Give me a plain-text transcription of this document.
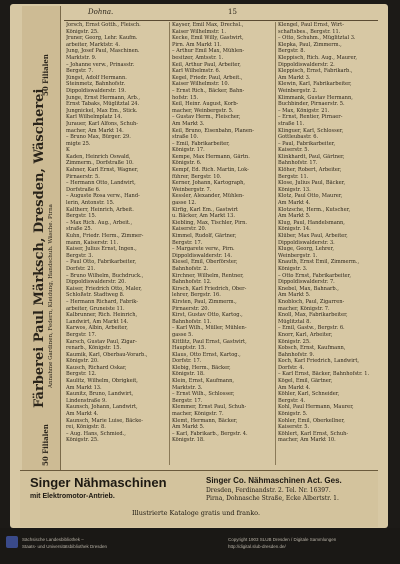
50 Filialen
Färberei Paul Märksch, Dresden, Wäscherei Annahme Gardinen, Federn, Kleidung, Handschuh. Wäsche. Pirna
50 Filialen
Dohna.	15

Jorsch, Ernst Gotth., Fleisch.

Königstr. 25.

Jruner, Georg, Lehr. Kaufm.

arbeiter, Marktstr. 4.

Jung, Josef Paul, Maschinen.

Marktstr. 9.

– Johanne verw., Prinasstr.

Bergstr. 7.

Jüngst, Adolf Hermann.

Steinmetz, Bahnhofstr.

Dippoldiswalderstr. 19.

Junge, Ernst Hermann, Arb.,

Ernst Tabaks, Müglitztal 24.

Jungnickel, Max Em., Stick.

Karl Wilhelmplatz 14.

Jurauer, Karl Alfons, Schuh-

macher, Am Markt 14.

– Bruno Max, Bürger. 29.

migte 25.

K

Kaden, Heinrich Oswald,

Zimmerm., Dorfstraße 10.

Kahner, Karl Ernst, Wagner,

Pirnaerstr. 5.

– Hermann Otto, Landwirt,

Dorfstraße 6.

– Auguste Rosa verw., Hand-

lerin, Antonstr. 15.

Kaltherr, Heinrich, Arbeit.

Bergstr. 15.

– Max Rich. Aug., Arbeit.,

straße 25.

Kuhn, Friedr. Herm., Zimmer-

mann, Kaiserstr. 11.

Kaiser, Julius Ernst, Ingen.,

Bergstr. 3.

– Paul Otto, Fabrikarbeiter,

Dorfstr. 21.

– Bruno Wilhelm, Buchdruck.,

Dippoldiswalderstr. 20.

Kaiser, Friedrich Otto, Maler,

Schloßstr. Stadtweg 8.

– Hermann Richard, Fabrik-

arbeiter, Gruneiste 11.

Kalbrunner, Rich. Heinrich,

Landwirt, Am Markt 14.

Karwos, Albin, Arbeiter,

Bergstr. 17.

Karsch, Gustav Paul, Zigar-

renarb., Königstr. 15.

Kaumik, Karl, Oberbau-Vorarb.,

Königstr. 20.

Kausch, Richard Oskar,

Bergstr. 12.

Kaulitz, Wilhelm, Obrigkeit,

Am Markt 13.

Kaunitz, Bruno, Landwirt,

Lindenstraße 9.

Kaunsch, Johann, Landwirt,

Am Markt 4.

Kaunsch, Marie Luise, Bäcke-

rei, Königstr. 8.

– Aug. Hans, Schmied.,

Königstr. 25.

Kayser, Emil Max, Drechsl.,

Kaiser Wilhelmstr. 1.

Kecke, Emil Willy, Gastwirt,

Pirn. Am Markt 11.

– Arthur Emil Max, Mühlen-

besitzer, Amtsstr. 1.

Keil, Arthur Paul, Arbeiter,

Karl Wilhelmstr. 6.

Kegel, Friedr. Paul, Arbeit.,

Kaiser Wilhelmstr. 10.

– Ernst Rich., Bäcker, Bahn-

hofstr. 15.

Keil, Heinr. August, Korb-

macher, Weinbergstr. 5.

– Gustav Herm., Fleischer,

Am Markt 3.

Keil, Bruno, Eisenbahn, Planen-

straße 10.

– Emil, Fabrikarbeiter,

Königstr. 17.

Kempe, Max Hermann, Gärtn.

Königstr. 6.

Kempf, Ed. Rich. Martin, Lok-

führer, Bergstr. 10.

Kerner, Johann, Kartograph,

Weinbergstr. 7.

Kessler, Alexander, Mühlen-

gasse 12.

Kirfig, Karl Em., Gastwirt

u. Bäcker, Am Markt 13.

Kiebling, Max, Tischler, Pirn.

Kaiserstr. 20.

Kimmel, Rudolf, Gärtner,

Bergstr. 17.

– Margarete verw., Pirn.

Dippoldiswalderstr. 14.

Kiesel, Emil, Oberförster,

Bahnhofstr. 2.

Kirchner, Wilhelm, Rentner,

Bahnhofstr. 12.

Kirsch, Karl Friedrich, Ober-

lehrer, Bergstr. 16.

Kirsten, Paul, Zimmerm.,

Pirnaerstr. 20.

Kirst, Gustav Otto, Kartog.,

Bahnhofstr. 11.

– Karl Wilh., Müller, Mühlen-

gasse 5.

Kittlitz, Paul Ernst, Gastwirt,

Hauptstr. 15.

Klaus, Otto Ernst, Kartog.,

Dorfstr. 17.

Klebig, Herm., Bäcker,

Königstr. 18.

Klein, Ernst, Kaufmann,

Marktstr. 3.

– Ernst Wilh., Schlosser,

Bergstr. 17.

Klemmer, Ernst Paul, Schuh-

macher, Königstr. 7.

Klemt, Hermann, Bäcker,

Am Markt 5.

– Karl, Fabrikarb., Bergstr. 4.

Königstr. 18.

Klengel, Paul Ernst, Wirt-

schaftsbes., Bergstr. 11.

– Otto, Schuhm., Müglitztal 3.

Klepka, Paul, Zimmerm.,

Bergstr. 8.

Kleppisch, Rich. Aug., Maurer,

Dippoldiswalderstr. 2.

Kleppisch, Ernst, Fabrikarb.,

Am Markt 3.

Klewin, Karl, Fabrikarbeiter,

Weinbergstr. 2.

Klimmank, Gustav Hermann,

Buchbinder, Pirnaerstr. 5.

– Max, Königstr. 21.

– Ernst, Rentier, Pirnaer-

straße 11.

Klinguer, Karl, Schlosser,

Gottleubastr. 6.

– Paul, Fabrikarbeiter,

Kaiserstr. 5.

Klinkhardt, Paul, Gärtner,

Bahnhofstr. 17.

Klöher, Robert, Arbeiter,

Bergstr. 11.

Klose, Julius Paul, Bäcker,

Königstr. 13.

Klotz, Paul Otto, Maurer,

Am Markt 4.

Klotzsche, Herm., Kutscher,

Am Markt 5.

Klug, Paul, Handelsmann,

Königstr. 14.

Klüber, Max Paul, Arbeiter,

Dippoldiswalderstr. 3.

Kluge, Georg, Lehrer,

Weinbergstr. 1.

Knauth, Ernst Emil, Zimmerm.,

Königstr. 3.

– Otto Ernst, Fabrikarbeiter,

Dippoldiswalderstr. 7.

Knebel, Max, Bahnarb.,

Am Markt 5.

Knobloch, Paul, Zigarren-

macher, Königstr. 7.

Knoll, Max, Fabrikarbeiter,

Müglitztal 8.

– Emil, Gastw., Bergstr. 6.

Knorr, Karl, Arbeiter,

Königstr. 25.

Kobsch, Ernst, Kaufmann,

Bahnhofstr. 9.

Koch, Karl Friedrich, Landwirt,

Dorfstr. 4.

– Karl Ernst, Bäcker, Bahnhofstr. 1.

Kögel, Emil, Gärtner,

Am Markt 4.

Köhler, Karl, Schneider,

Bergstr. 4.

Kohl, Paul Hermann, Maurer,

Königstr. 5.

Kohler, Emil, Oberkellner,

Kaiserstr. 5.

Köhlert, Karl Ernst, Schuh-

macher, Am Markt 10.

Singer Nähmaschinen
mit Elektromotor-Antrieb.
Singer Co. Nähmaschinen Act. Ges.
Dresden, Ferdinandstr. 2. Tel. Nr. 16397.
Pirna, Dohnasche Straße, Ecke Albertstr. 1.
Illustrierte Kataloge gratis und franko.
Sächsische Landesbibliothek –
Staats- und Universitätsbibliothek Dresden
Copyright 1903 SLUB Dresden / Digitale Sammlungen
http://digital.slub-dresden.de/
